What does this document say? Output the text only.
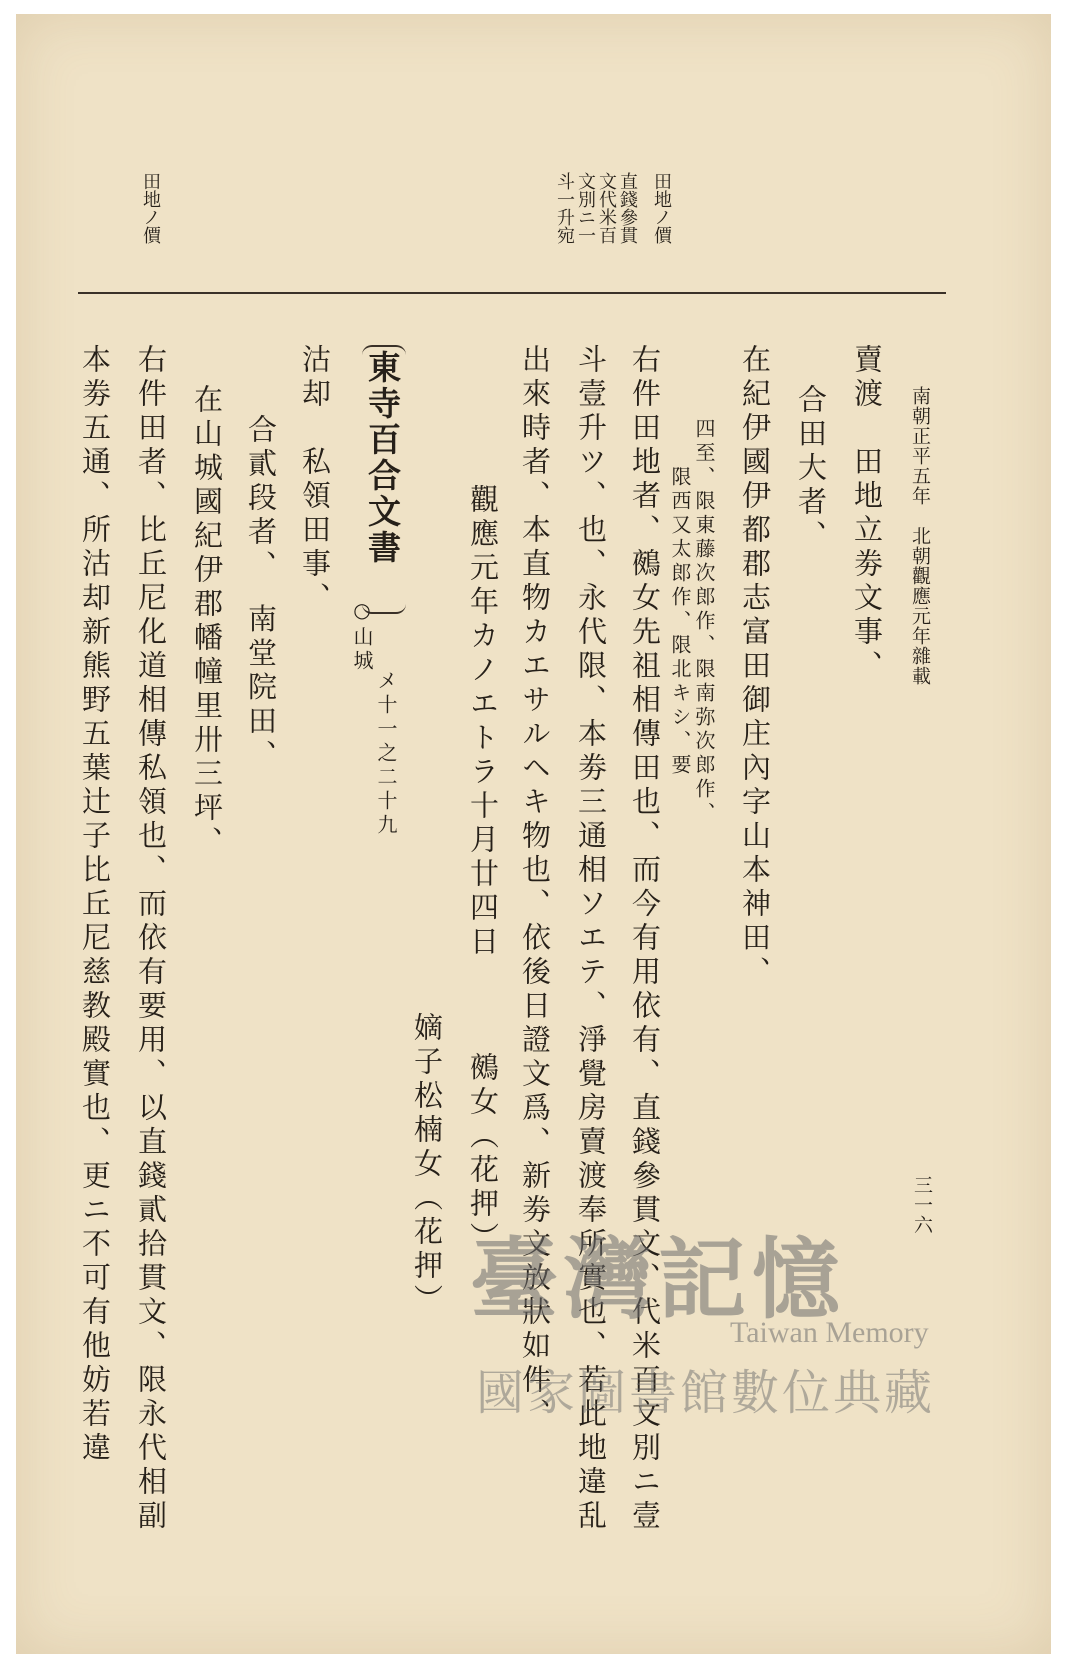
南朝正平五年　北朝觀應元年雜載
三一六
田地ノ價
直錢參貫
文代米百
文別ニ一
斗一升宛
田地ノ價
賣渡　田地立劵文事、
合田大者、
在紀伊國伊都郡志富田御庄內字山本神田、
四至、限東藤次郎作、限南弥次郎作、
限西又太郎作、限北キシ、要
右件田地者、鵺女先祖相傳田也、而今有用依有、直錢參貫文、代米百文別ニ壹
斗壹升ツ、也、永代限、本劵三通相ソエテ、淨覺房賣渡奉所實也、若此地違乱
出來時者、本直物カエサルヘキ物也、依後日證文爲、新劵文放狀如件、
觀應元年カノエトラ十月廿四日
鵺女（花押）
嫡子松楠女（花押）
東寺百合文書
メ十一之二十九
○山城
沽却　私領田事、
合貳段者、　南堂院田、
在山城國紀伊郡幡幢里卅三坪、
右件田者、比丘尼化道相傳私領也、而依有要用、以直錢貳拾貫文、限永代相副
本劵五通、所沽却新熊野五葉辻子比丘尼慈教殿實也、更ニ不可有他妨若違	臺灣記憶
Taiwan Memory
國家圖書館數位典藏
